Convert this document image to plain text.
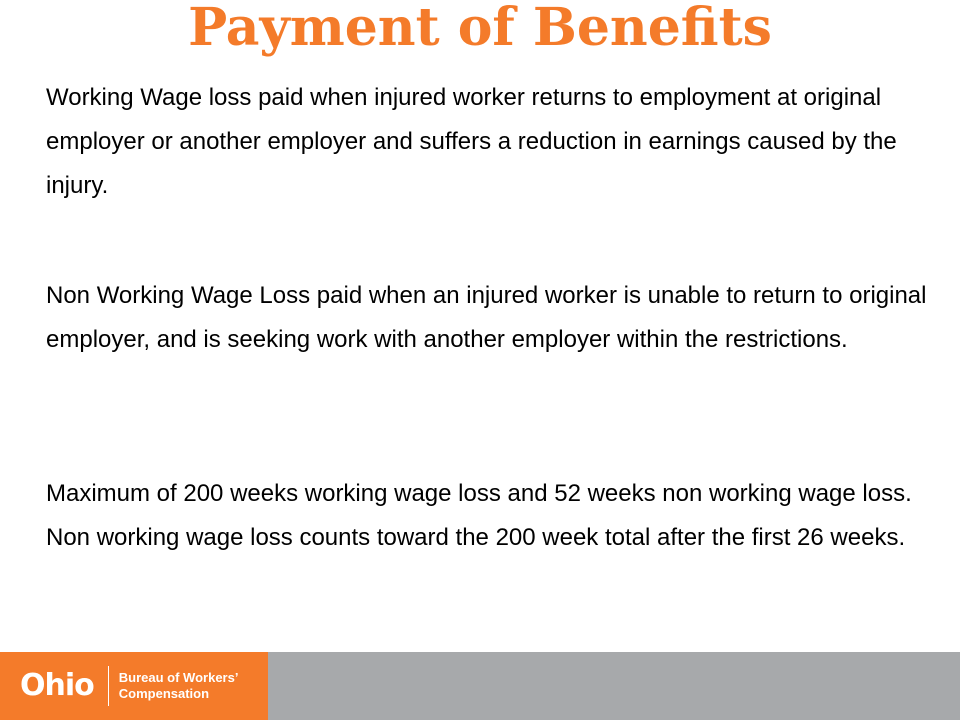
Payment of Benefits

Working Wage loss paid when injured worker returns to employment at original employer or another employer and suffers a reduction in earnings caused by the injury.

Non Working Wage Loss paid when an injured worker is unable to return to original employer, and is seeking work with another employer within the restrictions.

Maximum of 200 weeks working wage loss and 52 weeks non working wage loss. Non working wage loss counts toward the 200 week total after the first 26 weeks.

Ohio Bureau of Workers’
Compensation
